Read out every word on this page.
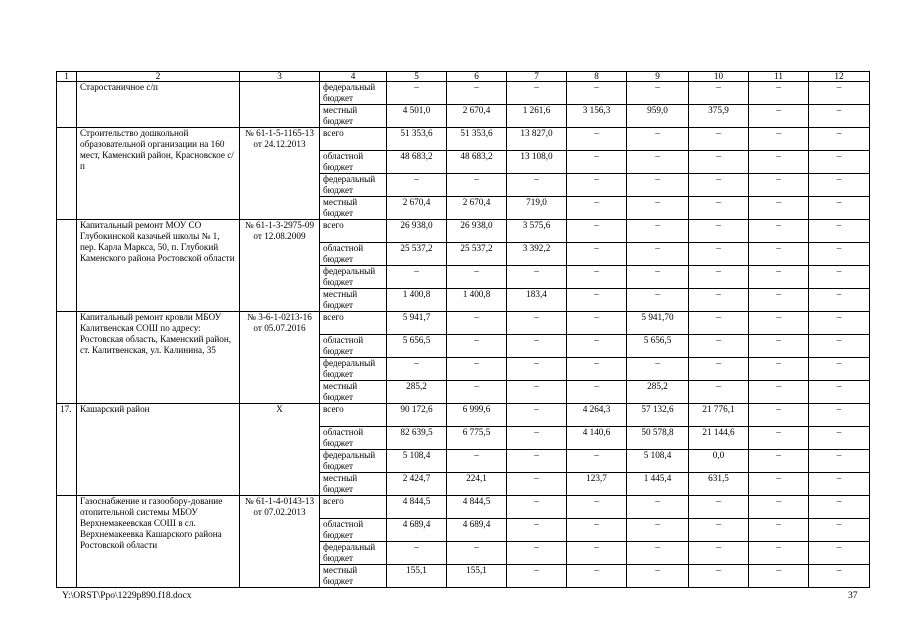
1	2	3	4	5	6	7	8	9	10	11	12
	Старостаничное с/п		федеральный бюджет	–	–	–	–	–	–	–	–
			местный бюджет	4 501,0	2 670,4	1 261,6	3 156,3	959,0	375,9	–	–
	Строительство дошкольной образовательной организации на 160 мест, Каменский район, Красновское с/п	№ 61-1-5-1165-13 от 24.12.2013	всего	51 353,6	51 353,6	13 827,0	–	–	–	–	–
			областной бюджет	48 683,2	48 683,2	13 108,0	–	–	–	–	–
			федеральный бюджет	–	–	–	–	–	–	–	–
			местный бюджет	2 670,4	2 670,4	719,0	–	–	–	–	–
	Капитальный ремонт МОУ СО Глубокинской казачьей школы № 1, пер. Карла Маркса, 50, п. Глубокий Каменского района Ростовской области	№ 61-1-3-2975-09 от 12.08.2009	всего	26 938,0	26 938,0	3 575,6	–	–	–	–	–
			областной бюджет	25 537,2	25 537,2	3 392,2	–	–	–	–	–
			федеральный бюджет	–	–	–	–	–	–	–	–
			местный бюджет	1 400,8	1 400,8	183,4	–	–	–	–	–
	Капитальный ремонт кровли МБОУ Калитвенская СОШ по адресу: Ростовская область, Каменский район, ст. Калитвенская, ул. Калинина, 35	№ 3-6-1-0213-16 от 05.07.2016	всего	5 941,7	–	–	–	5 941,70	–	–	–
			областной бюджет	5 656,5	–	–	–	5 656,5	–	–	–
			федеральный бюджет	–	–	–	–	–	–	–	–
			местный бюджет	285,2	–	–	–	285,2	–	–	–
17.	Кашарский район	Х	всего	90 172,6	6 999,6	–	4 264,3	57 132,6	21 776,1	–	–
			областной бюджет	82 639,5	6 775,5	–	4 140,6	50 578,8	21 144,6	–	–
			федеральный бюджет	5 108,4	–	–	–	5 108,4	0,0	–	–
			местный бюджет	2 424,7	224,1	–	123,7	1 445,4	631,5	–	–
	Газоснабжение и газообору-дование отопительной системы МБОУ Верхнемакеевская СОШ в сл. Верхнемакеевка Кашарского района Ростовской области	№ 61-1-4-0143-13 от 07.02.2013	всего	4 844,5	4 844,5	–	–	–	–	–	–
			областной бюджет	4 689,4	4 689,4	–	–	–	–	–	–
			федеральный бюджет	–	–	–	–	–	–	–	–
			местный бюджет	155,1	155,1	–	–	–	–	–	–
Y:\ORST\Ppo\1229p890.f18.docx	37
